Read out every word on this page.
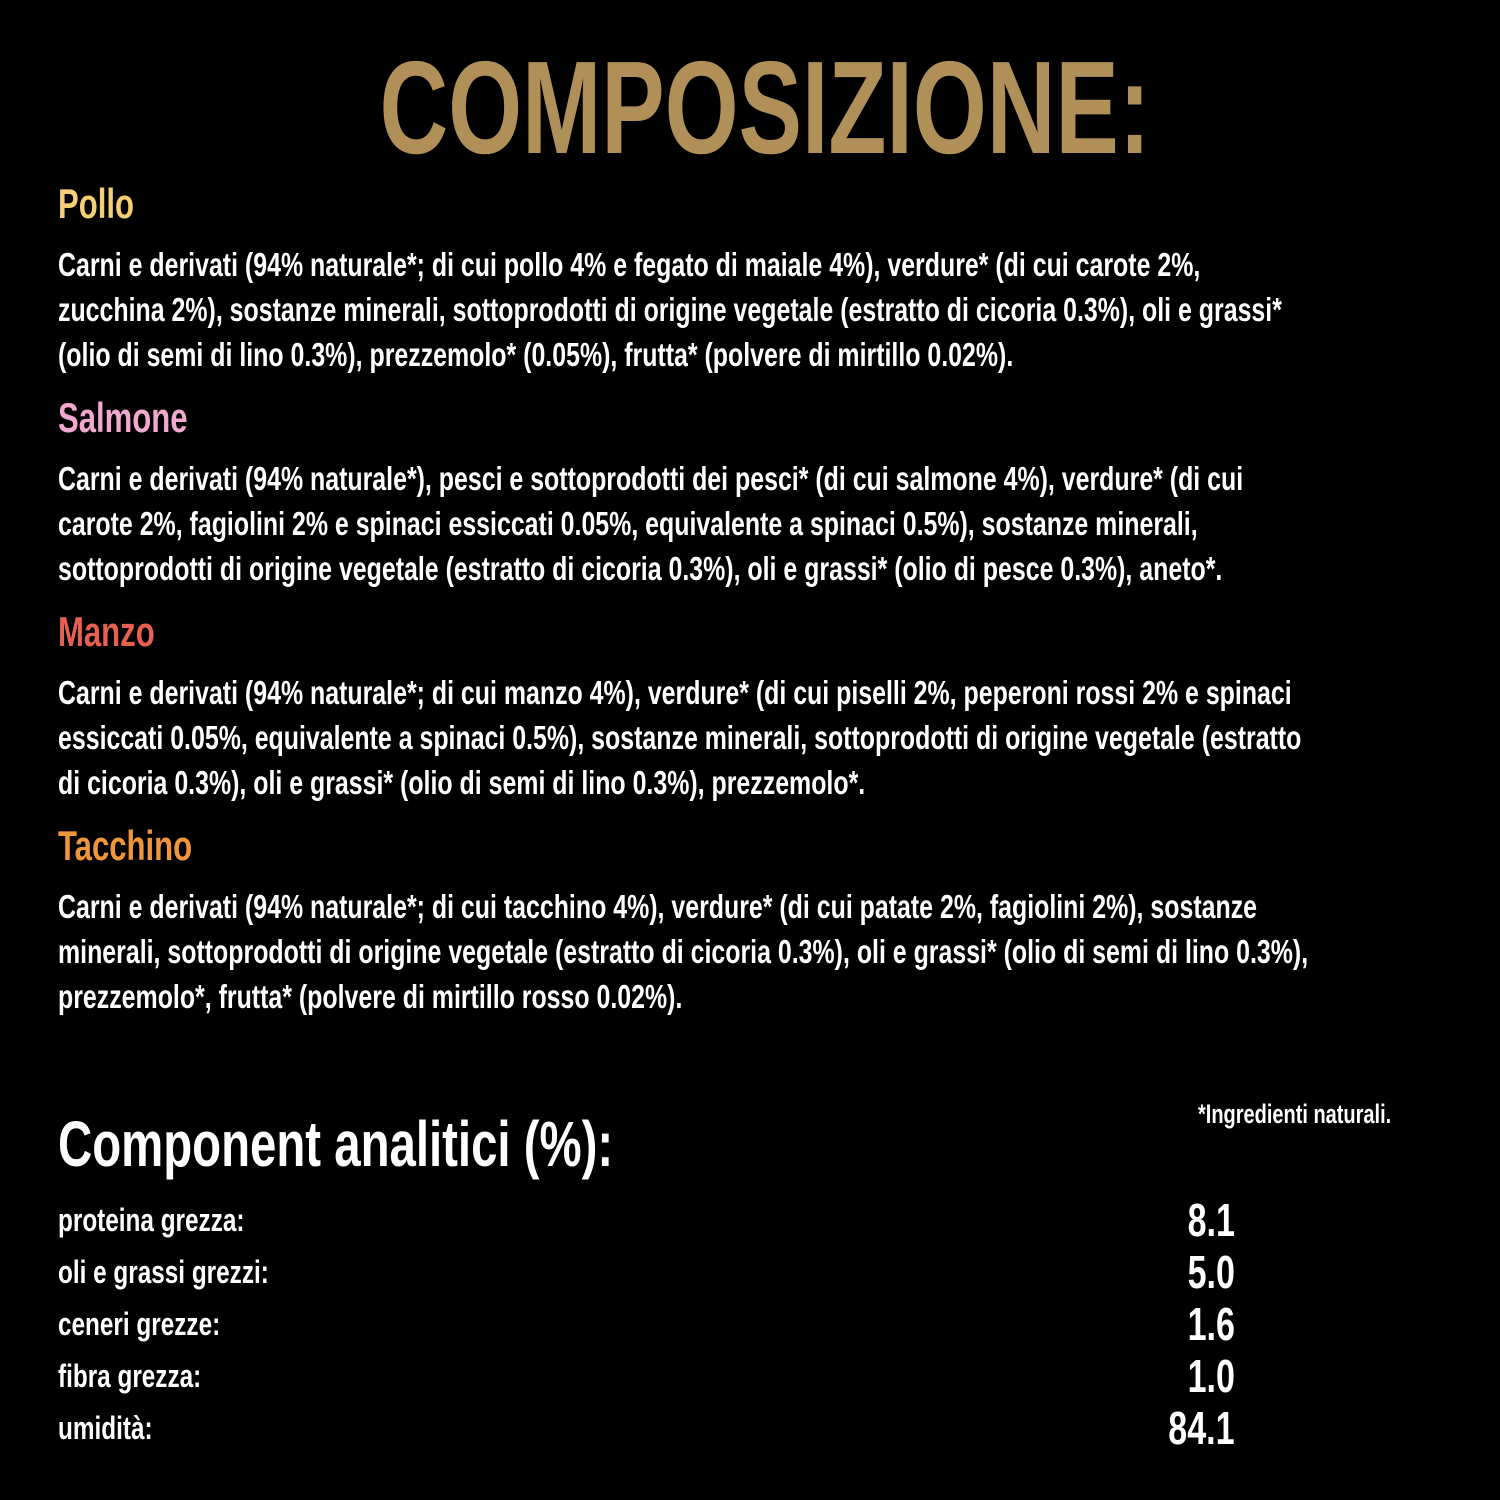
COMPOSIZIONE:
Pollo
Carni e derivati (94% naturale*; di cui pollo 4% e fegato di maiale 4%), verdure* (di cui carote 2%,
zucchina 2%), sostanze minerali, sottoprodotti di origine vegetale (estratto di cicoria 0.3%), oli e grassi*
(olio di semi di lino 0.3%), prezzemolo* (0.05%), frutta* (polvere di mirtillo 0.02%).
Salmone
Carni e derivati (94% naturale*), pesci e sottoprodotti dei pesci* (di cui salmone 4%), verdure* (di cui
carote 2%, fagiolini 2% e spinaci essiccati 0.05%, equivalente a spinaci 0.5%), sostanze minerali,
sottoprodotti di origine vegetale (estratto di cicoria 0.3%), oli e grassi* (olio di pesce 0.3%), aneto*.
Manzo
Carni e derivati (94% naturale*; di cui manzo 4%), verdure* (di cui piselli 2%, peperoni rossi 2% e spinaci
essiccati 0.05%, equivalente a spinaci 0.5%), sostanze minerali, sottoprodotti di origine vegetale (estratto
di cicoria 0.3%), oli e grassi* (olio di semi di lino 0.3%), prezzemolo*.
Tacchino
Carni e derivati (94% naturale*; di cui tacchino 4%), verdure* (di cui patate 2%, fagiolini 2%), sostanze
minerali, sottoprodotti di origine vegetale (estratto di cicoria 0.3%), oli e grassi* (olio di semi di lino 0.3%),
prezzemolo*, frutta* (polvere di mirtillo rosso 0.02%).
*Ingredienti naturali.
Component analitici (%):
proteina grezza:	8.1
oli e grassi grezzi:	5.0
ceneri grezze:	1.6
fibra grezza:	1.0
umidità:	84.1
